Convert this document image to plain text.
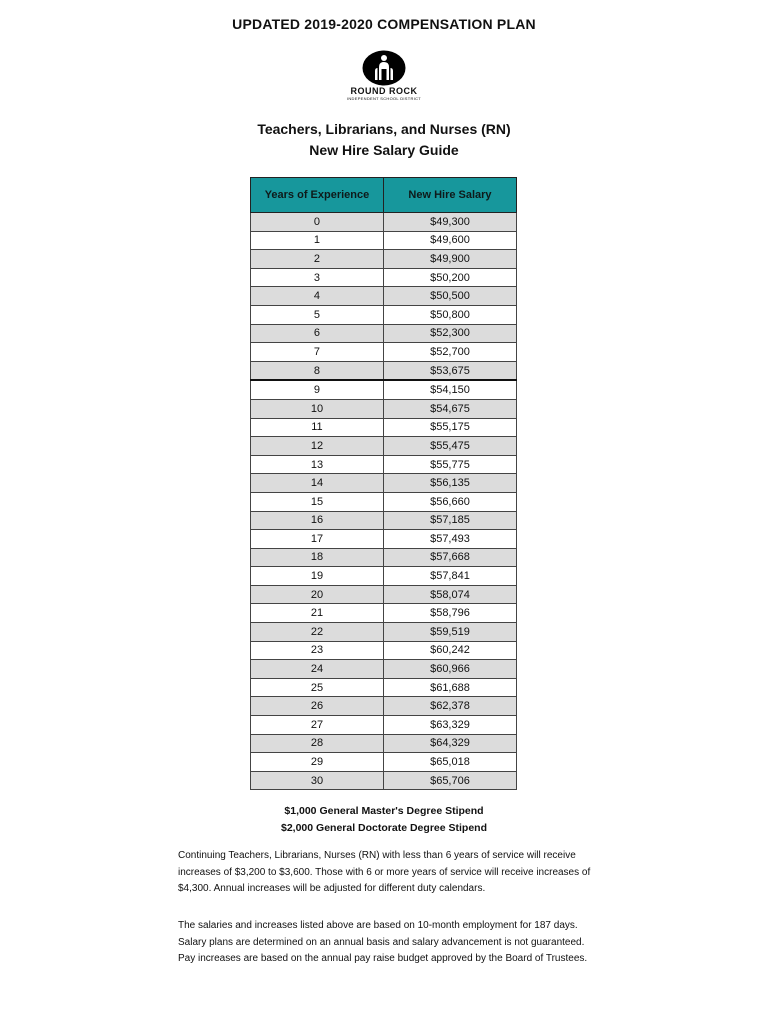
UPDATED 2019-2020 COMPENSATION PLAN
ROUND ROCK
INDEPENDENT SCHOOL DISTRICT
Teachers, Librarians, and Nurses (RN)
New Hire Salary Guide
Years of Experience	New Hire Salary
0	$49,300
1	$49,600
2	$49,900
3	$50,200
4	$50,500
5	$50,800
6	$52,300
7	$52,700
8	$53,675
9	$54,150
10	$54,675
11	$55,175
12	$55,475
13	$55,775
14	$56,135
15	$56,660
16	$57,185
17	$57,493
18	$57,668
19	$57,841
20	$58,074
21	$58,796
22	$59,519
23	$60,242
24	$60,966
25	$61,688
26	$62,378
27	$63,329
28	$64,329
29	$65,018
30	$65,706
$1,000 General Master's Degree Stipend
$2,000 General Doctorate Degree Stipend
Continuing Teachers, Librarians, Nurses (RN) with less than 6 years of service will receive increases of $3,200 to $3,600. Those with 6 or more years of service will receive increases of $4,300. Annual increases will be adjusted for different duty calendars.
The salaries and increases listed above are based on 10-month employment for 187 days. Salary plans are determined on an annual basis and salary advancement is not guaranteed. Pay increases are based on the annual pay raise budget approved by the Board of Trustees.
